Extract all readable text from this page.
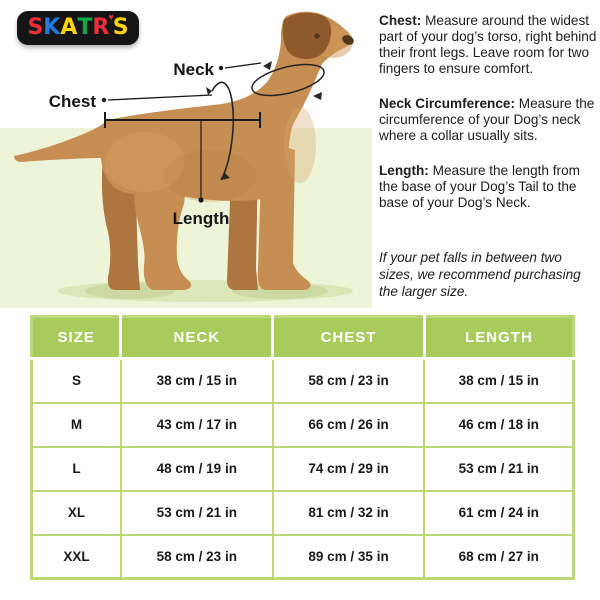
Length
Chest
Neck
S K A T R ♥ S	Chest: Measure around the widest part of your dog’s torso, right behind their front legs. Leave room for two fingers to ensure comfort.

Neck Circumference: Measure the circumference of your Dog’s neck where a collar usually sits.

Length: Measure the length from the base of your Dog’s Tail to the base of your Dog’s Neck.

If your pet falls in between two sizes, we recommend purchasing the larger size.
SIZE	NECK	CHEST	LENGTH
S	38 cm / 15 in	58 cm / 23 in	38 cm / 15 in
M	43 cm / 17 in	66 cm / 26 in	46 cm / 18 in
L	48 cm / 19 in	74 cm / 29 in	53 cm / 21 in
XL	53 cm / 21 in	81 cm / 32 in	61 cm / 24 in
XXL	58 cm / 23 in	89 cm / 35 in	68 cm / 27 in
